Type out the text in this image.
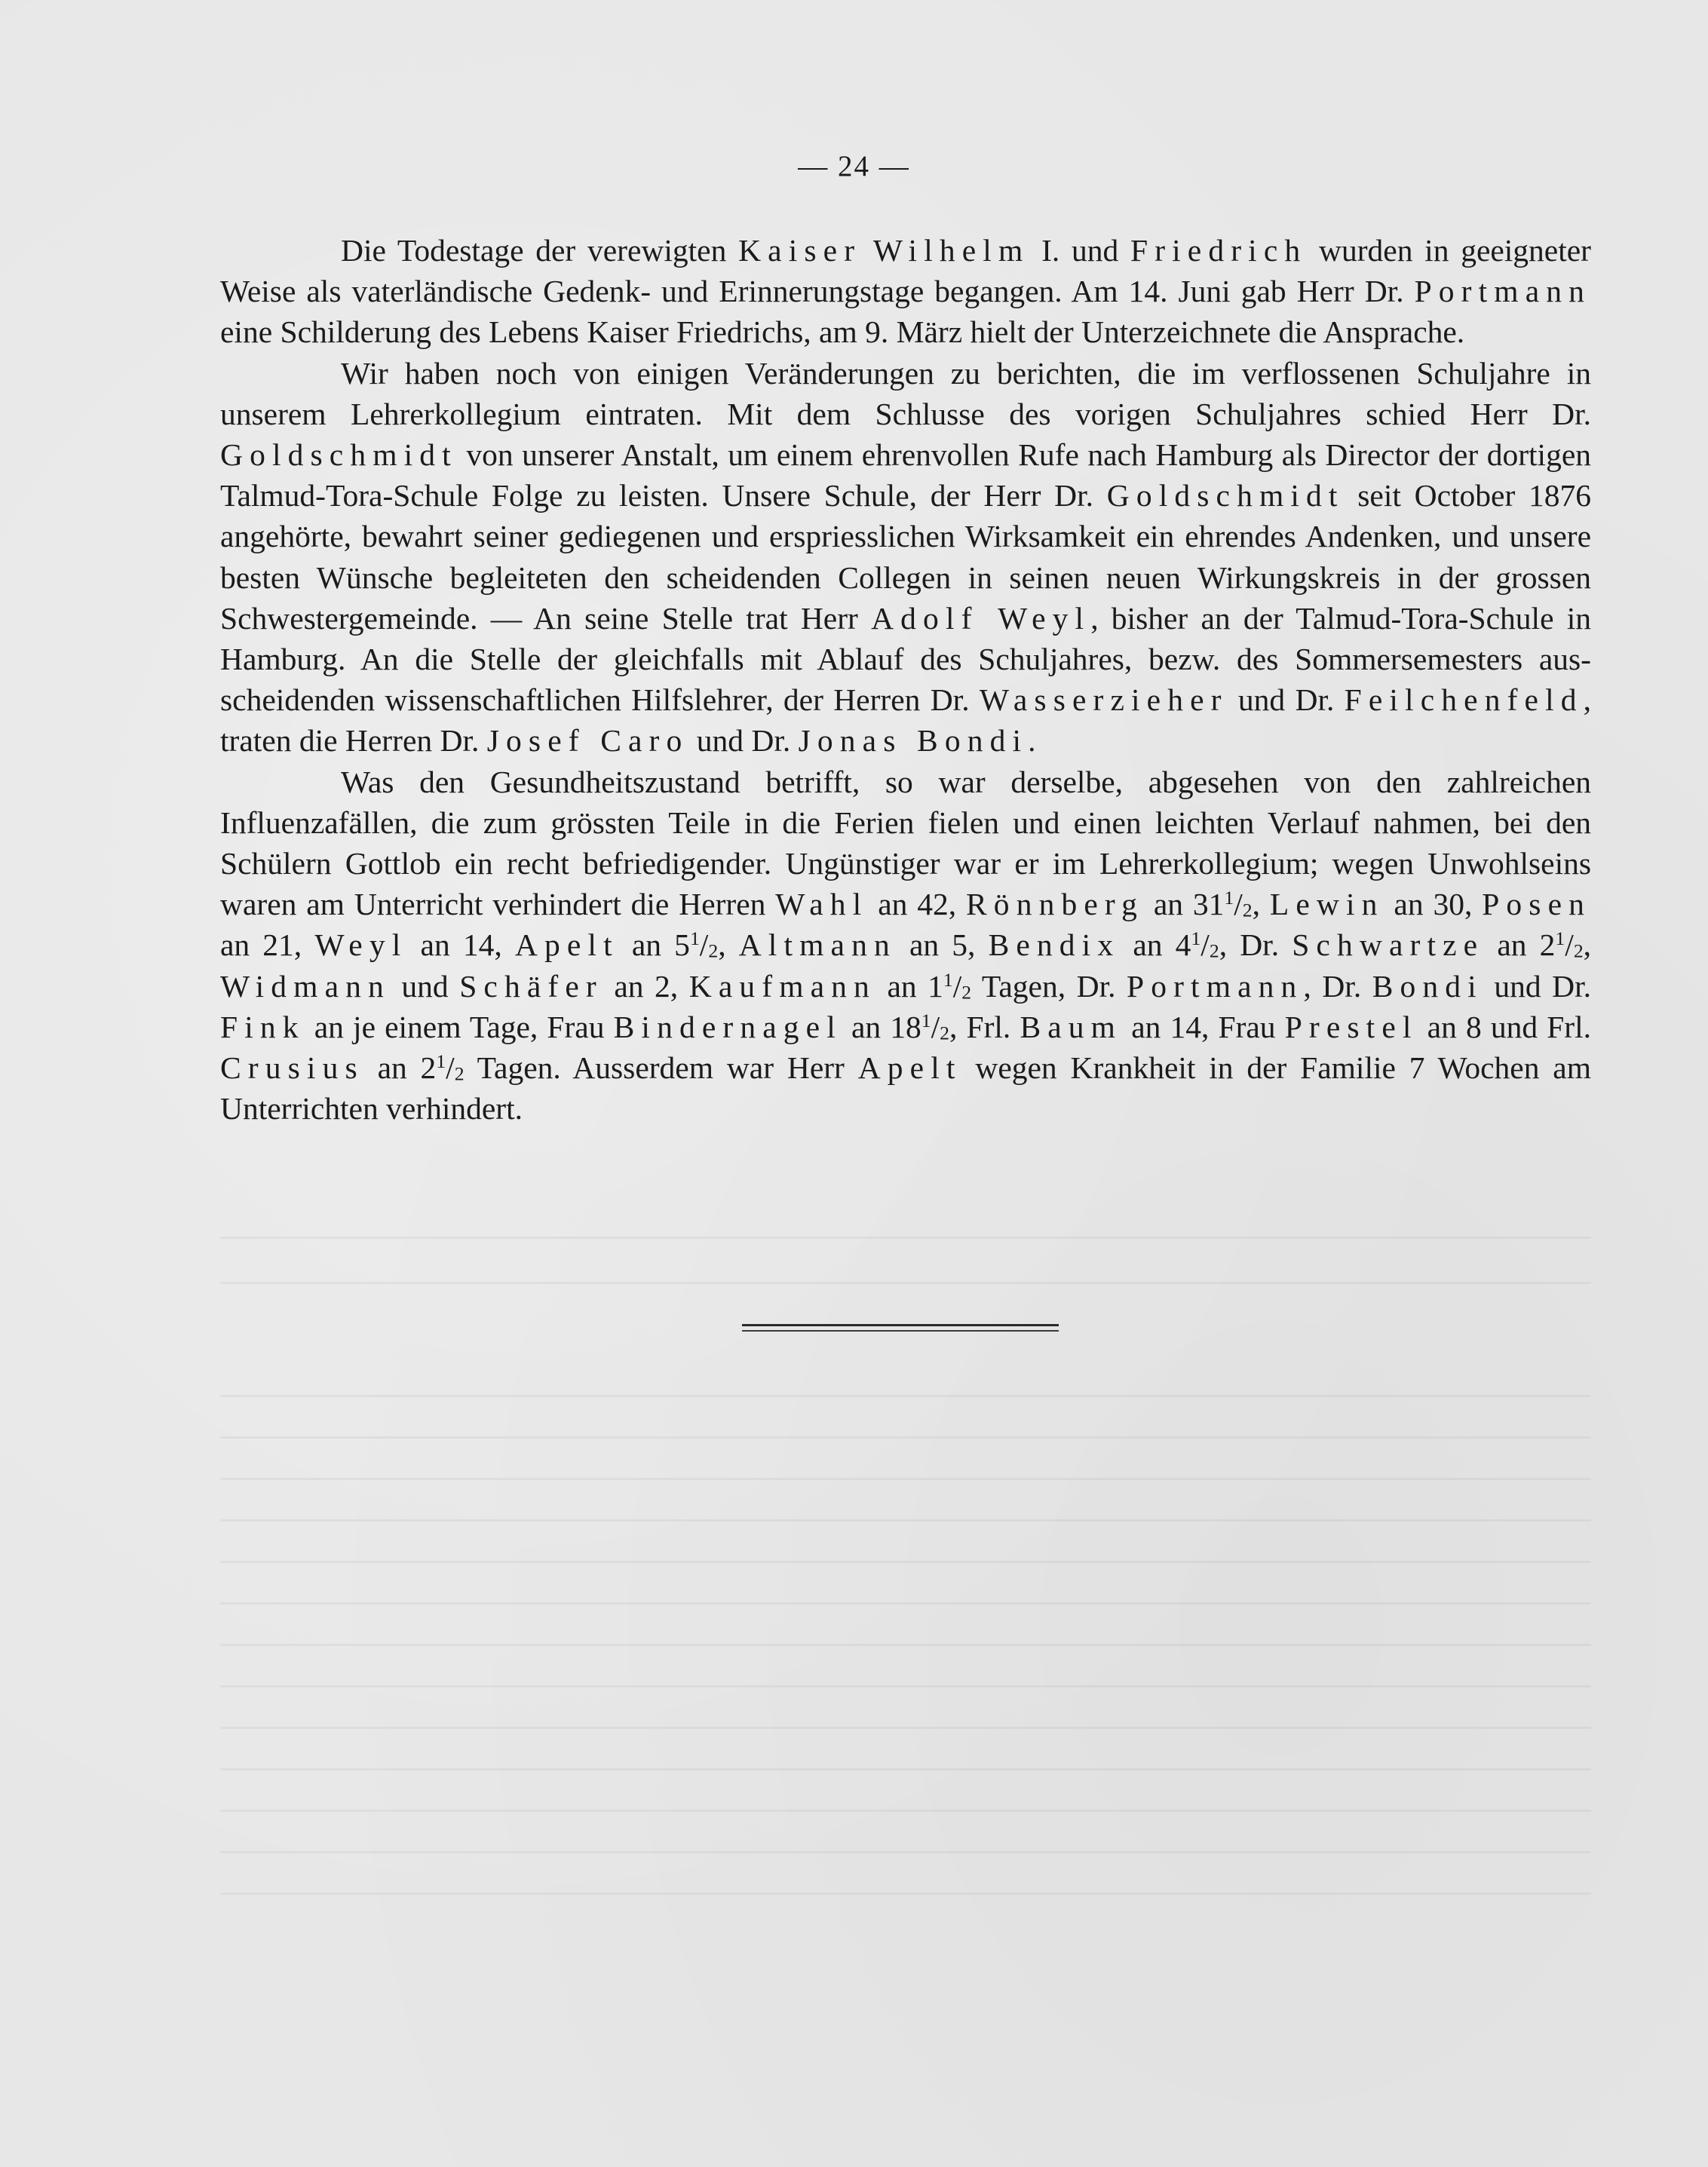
— 24 —

Die Todestage der verewigten Kaiser Wilhelm I. und Friedrich wurden in geeigneter Weise als vaterländische Gedenk- und Erinnerungstage begangen. Am 14. Juni gab Herr Dr. Portmann eine Schilderung des Lebens Kaiser Friedrichs, am 9. März hielt der Unterzeichnete die Ansprache.

Wir haben noch von einigen Veränderungen zu berichten, die im verflossenen Schuljahre in unserem Lehrerkollegium eintraten. Mit dem Schlusse des vorigen Schuljahres schied Herr Dr. Goldschmidt von unserer Anstalt, um einem ehrenvollen Rufe nach Hamburg als Director der dortigen Talmud-Tora-Schule Folge zu leisten. Unsere Schule, der Herr Dr. Goldschmidt seit October 1876 angehörte, bewahrt seiner gediegenen und erspriesslichen Wirksamkeit ein ehrendes Andenken, und unsere besten Wünsche begleiteten den scheidenden Collegen in seinen neuen Wirkungskreis in der grossen Schwestergemeinde. — An seine Stelle trat Herr Adolf Weyl, bisher an der Talmud-Tora-Schule in Hamburg. An die Stelle der gleichfalls mit Ablauf des Schuljahres, bezw. des Sommersemesters ausscheidenden wissenschaftlichen Hilfslehrer, der Herren Dr. Wasserzieher und Dr. Feilchenfeld, traten die Herren Dr. Josef Caro und Dr. Jonas Bondi.

Was den Gesundheitszustand betrifft, so war derselbe, abgesehen von den zahlreichen Influenzafällen, die zum grössten Teile in die Ferien fielen und einen leichten Verlauf nahmen, bei den Schülern Gottlob ein recht befriedigender. Ungünstiger war er im Lehrerkollegium; wegen Unwohlseins waren am Unterricht verhindert die Herren Wahl an 42, Rönnberg an $31^1/_2$, Lewin an 30, Posen an 21, Weyl an 14, Apelt an $5^1/_2$, Altmann an 5, Bendix an $4^1/_2$, Dr. Schwartze an $2^1/_2$, Widmann und Schäfer an 2, Kaufmann an $1^1/_2$ Tagen, Dr. Portmann, Dr. Bondi und Dr. Fink an je einem Tage, Frau Bindernagel an $18^1/_2$, Frl. Baum an 14, Frau Prestel an 8 und Frl. Crusius an $2^1/_2$ Tagen. Ausserdem war Herr Apelt wegen Krankheit in der Familie 7 Wochen am Unterrichten verhindert.
